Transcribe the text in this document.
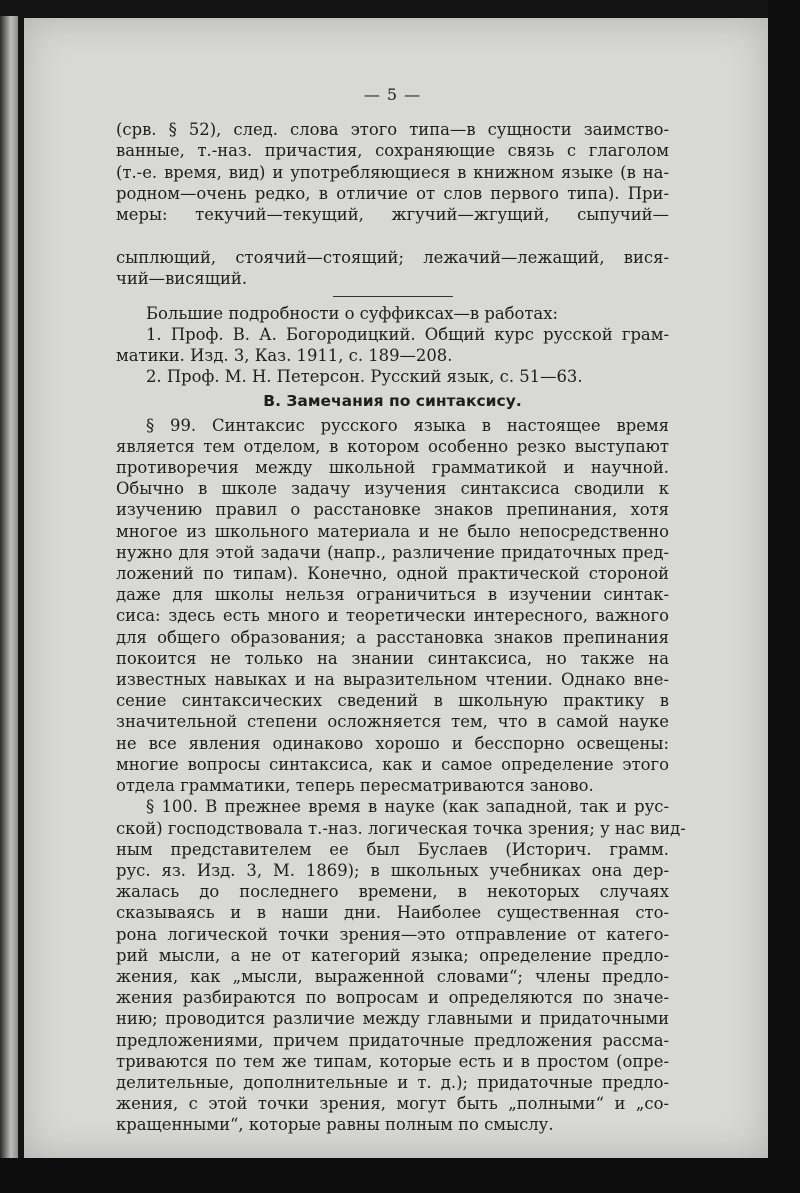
— 5 —
(срв. § 52), след. слова этого типа—в сущности заимство-
ванные, т.-наз. причастия, сохраняющие связь с глаголом
(т.-е. время, вид) и употребляющиеся в книжном языке (в на-
родном—очень редко, в отличие от слов первого типа). При-
меры: текучий—текущий, жгучий—жгущий, сыпучий—
сыплющий, стоячий—стоящий; лежачий—лежащий, вися-
чий—висящий.
Большие подробности о суффиксах—в работах:
1. Проф. В. А. Богородицкий. Общий курс русской грам-
матики. Изд. 3, Каз. 1911, с. 189—208.
2. Проф. М. Н. Петерсон. Русский язык, с. 51—63.
В. Замечания по синтаксису.
§ 99. Синтаксис русского языка в настоящее время
является тем отделом, в котором особенно резко выступают
противоречия между школьной грамматикой и научной.
Обычно в школе задачу изучения синтаксиса сводили к
изучению правил о расстановке знаков препинания, хотя
многое из школьного материала и не было непосредственно
нужно для этой задачи (напр., различение придаточных пред-
ложений по типам). Конечно, одной практической стороной
даже для школы нельзя ограничиться в изучении синтак-
сиса: здесь есть много и теоретически интересного, важного
для общего образования; а расстановка знаков препинания
покоится не только на знании синтаксиса, но также на
известных навыках и на выразительном чтении. Однако вне-
сение синтаксических сведений в школьную практику в
значительной степени осложняется тем, что в самой науке
не все явления одинаково хорошо и бесспорно освещены:
многие вопросы синтаксиса, как и самое определение этого
отдела грамматики, теперь пересматриваются заново.
§ 100. В прежнее время в науке (как западной, так и рус-
ской) господствовала т.-наз. логическая точка зрения; у нас вид-
ным представителем ее был Буслаев (Историч. грамм.
рус. яз. Изд. 3, М. 1869); в школьных учебниках она дер-
жалась до последнего времени, в некоторых случаях
сказываясь и в наши дни. Наиболее существенная сто-
рона логической точки зрения—это отправление от катего-
рий мысли, а не от категорий языка; определение предло-
жения, как „мысли, выраженной словами“; члены предло-
жения разбираются по вопросам и определяются по значе-
нию; проводится различие между главными и придаточными
предложениями, причем придаточные предложения рассма-
триваются по тем же типам, которые есть и в простом (опре-
делительные, дополнительные и т. д.); придаточные предло-
жения, с этой точки зрения, могут быть „полными“ и „со-
кращенными“, которые равны полным по смыслу.
